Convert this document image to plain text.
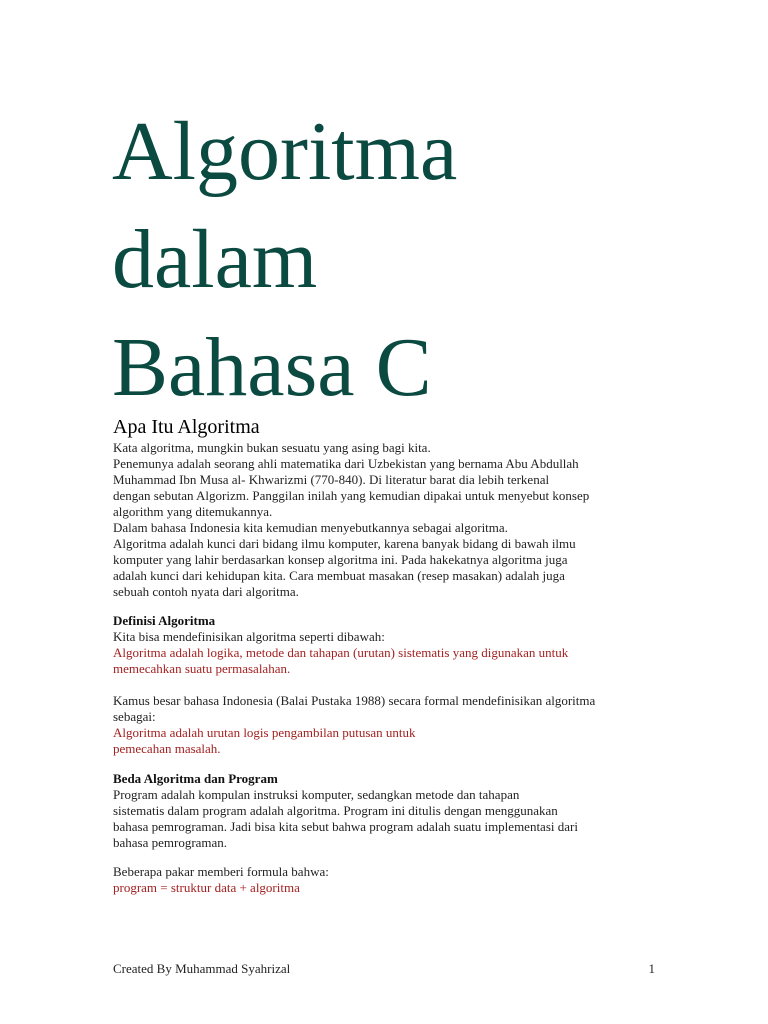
Algoritma
dalam
Bahasa C
Apa Itu Algoritma

Kata algoritma, mungkin bukan sesuatu yang asing bagi kita.

Penemunya adalah seorang ahli matematika dari Uzbekistan yang bernama Abu Abdullah

Muhammad Ibn Musa al- Khwarizmi (770-840). Di literatur barat dia lebih terkenal

dengan sebutan Algorizm. Panggilan inilah yang kemudian dipakai untuk menyebut konsep

algorithm yang ditemukannya.

Dalam bahasa Indonesia kita kemudian menyebutkannya sebagai algoritma.

Algoritma adalah kunci dari bidang ilmu komputer, karena banyak bidang di bawah ilmu

komputer yang lahir berdasarkan konsep algoritma ini. Pada hakekatnya algoritma juga

adalah kunci dari kehidupan kita. Cara membuat masakan (resep masakan) adalah juga

sebuah contoh nyata dari algoritma.

Definisi Algoritma

Kita bisa mendefinisikan algoritma seperti dibawah:

Algoritma adalah logika, metode dan tahapan (urutan) sistematis yang digunakan untuk

memecahkan suatu permasalahan.

Kamus besar bahasa Indonesia (Balai Pustaka 1988) secara formal mendefinisikan algoritma

sebagai:

Algoritma adalah urutan logis pengambilan putusan untuk

pemecahan masalah.

Beda Algoritma dan Program

Program adalah kompulan instruksi komputer, sedangkan metode dan tahapan

sistematis dalam program adalah algoritma. Program ini ditulis dengan menggunakan

bahasa pemrograman. Jadi bisa kita sebut bahwa program adalah suatu implementasi dari

bahasa pemrograman.

Beberapa pakar memberi formula bahwa:

program = struktur data + algoritma

Created By Muhammad Syahrizal	1
